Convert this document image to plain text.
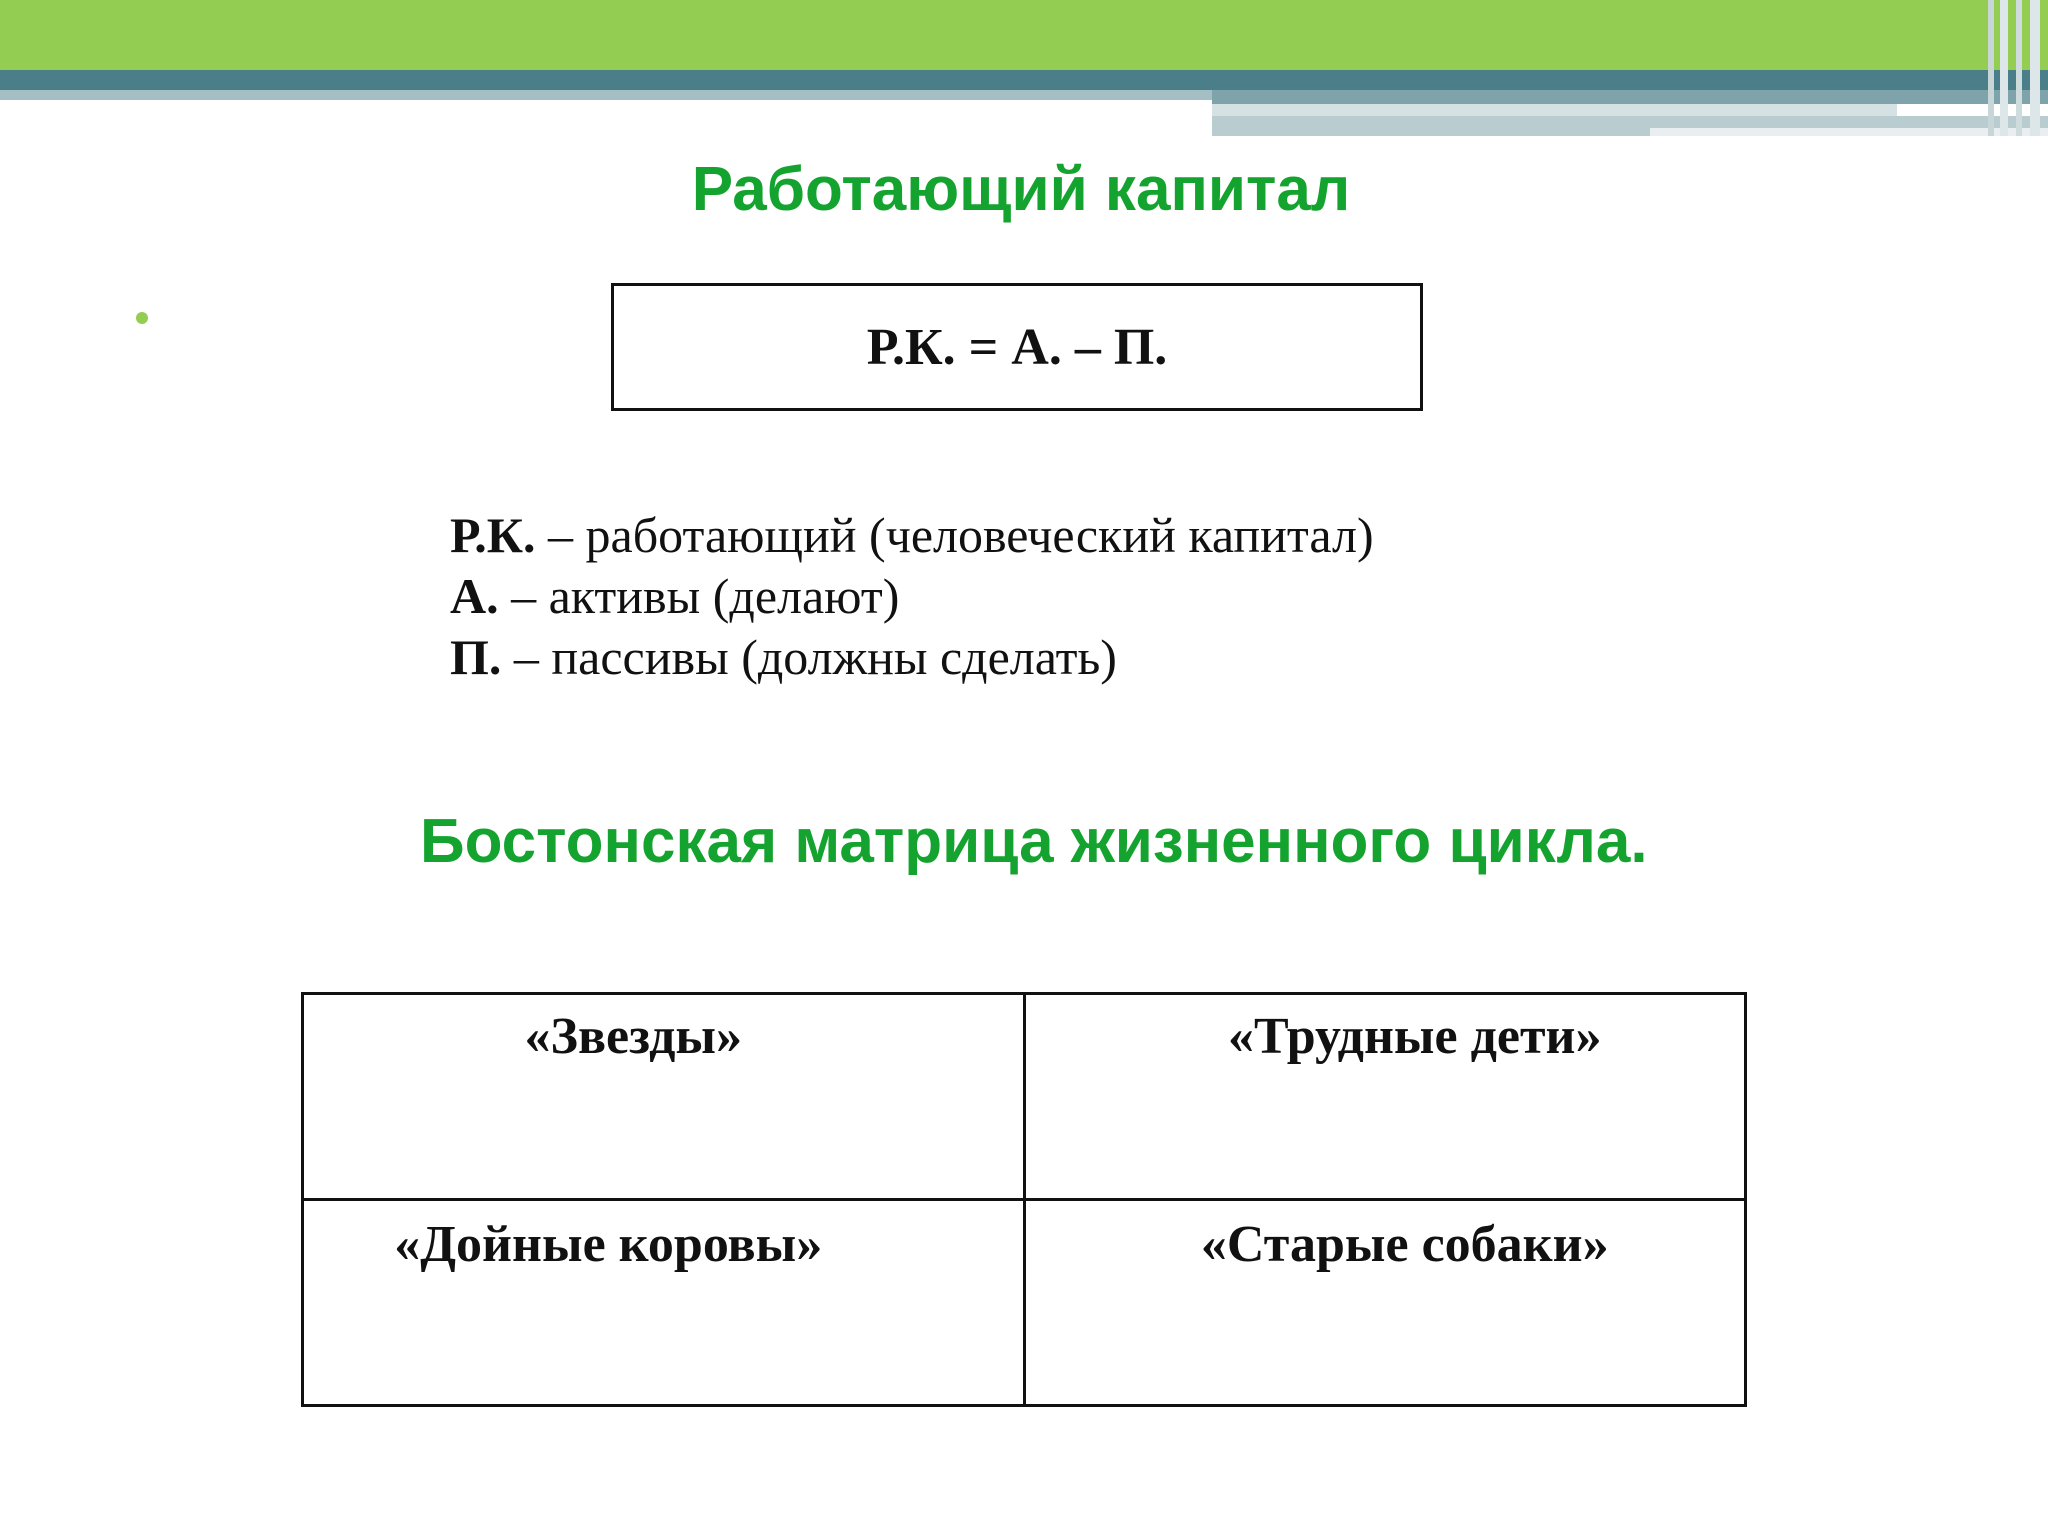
Работающий капитал
Р.К. = А. – П.
Р.К. – работающий (человеческий капитал)
А. – активы (делают)
П. – пассивы (должны сделать)
Бостонская матрица жизненного цикла.
«Звезды»	«Трудные дети»

«Дойные коровы»	«Старые собаки»
